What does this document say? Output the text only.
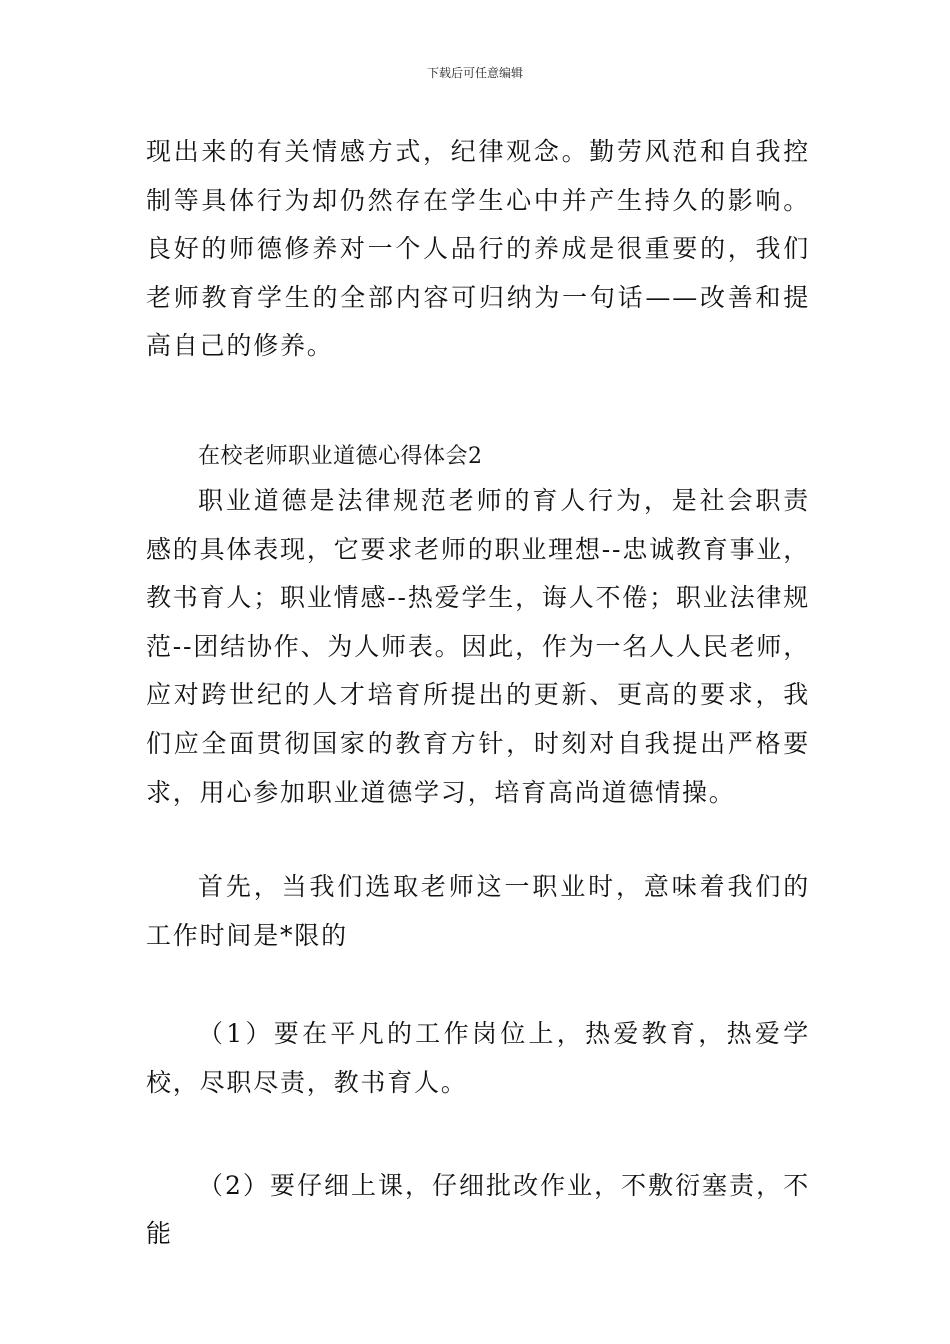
下载后可任意编辑

现出来的有关情感方式，纪律观念。勤劳风范和自我控制等具体行为却仍然存在学生心中并产生持久的影响。良好的师德修养对一个人品行的养成是很重要的，我们老师教育学生的全部内容可归纳为一句话——改善和提高自己的修养。

在校老师职业道德心得体会2

职业道德是法律规范老师的育人行为，是社会职责感的具体表现，它要求老师的职业理想--忠诚教育事业，教书育人；职业情感--热爱学生，诲人不倦；职业法律规范--团结协作、为人师表。因此，作为一名人人民老师，应对跨世纪的人才培育所提出的更新、更高的要求，我们应全面贯彻国家的教育方针，时刻对自我提出严格要求，用心参加职业道德学习，培育高尚道德情操。

首先，当我们选取老师这一职业时，意味着我们的工作时间是*限的

（1）要在平凡的工作岗位上，热爱教育，热爱学校，尽职尽责，教书育人。

（2）要仔细上课，仔细批改作业，不敷衍塞责，不能
